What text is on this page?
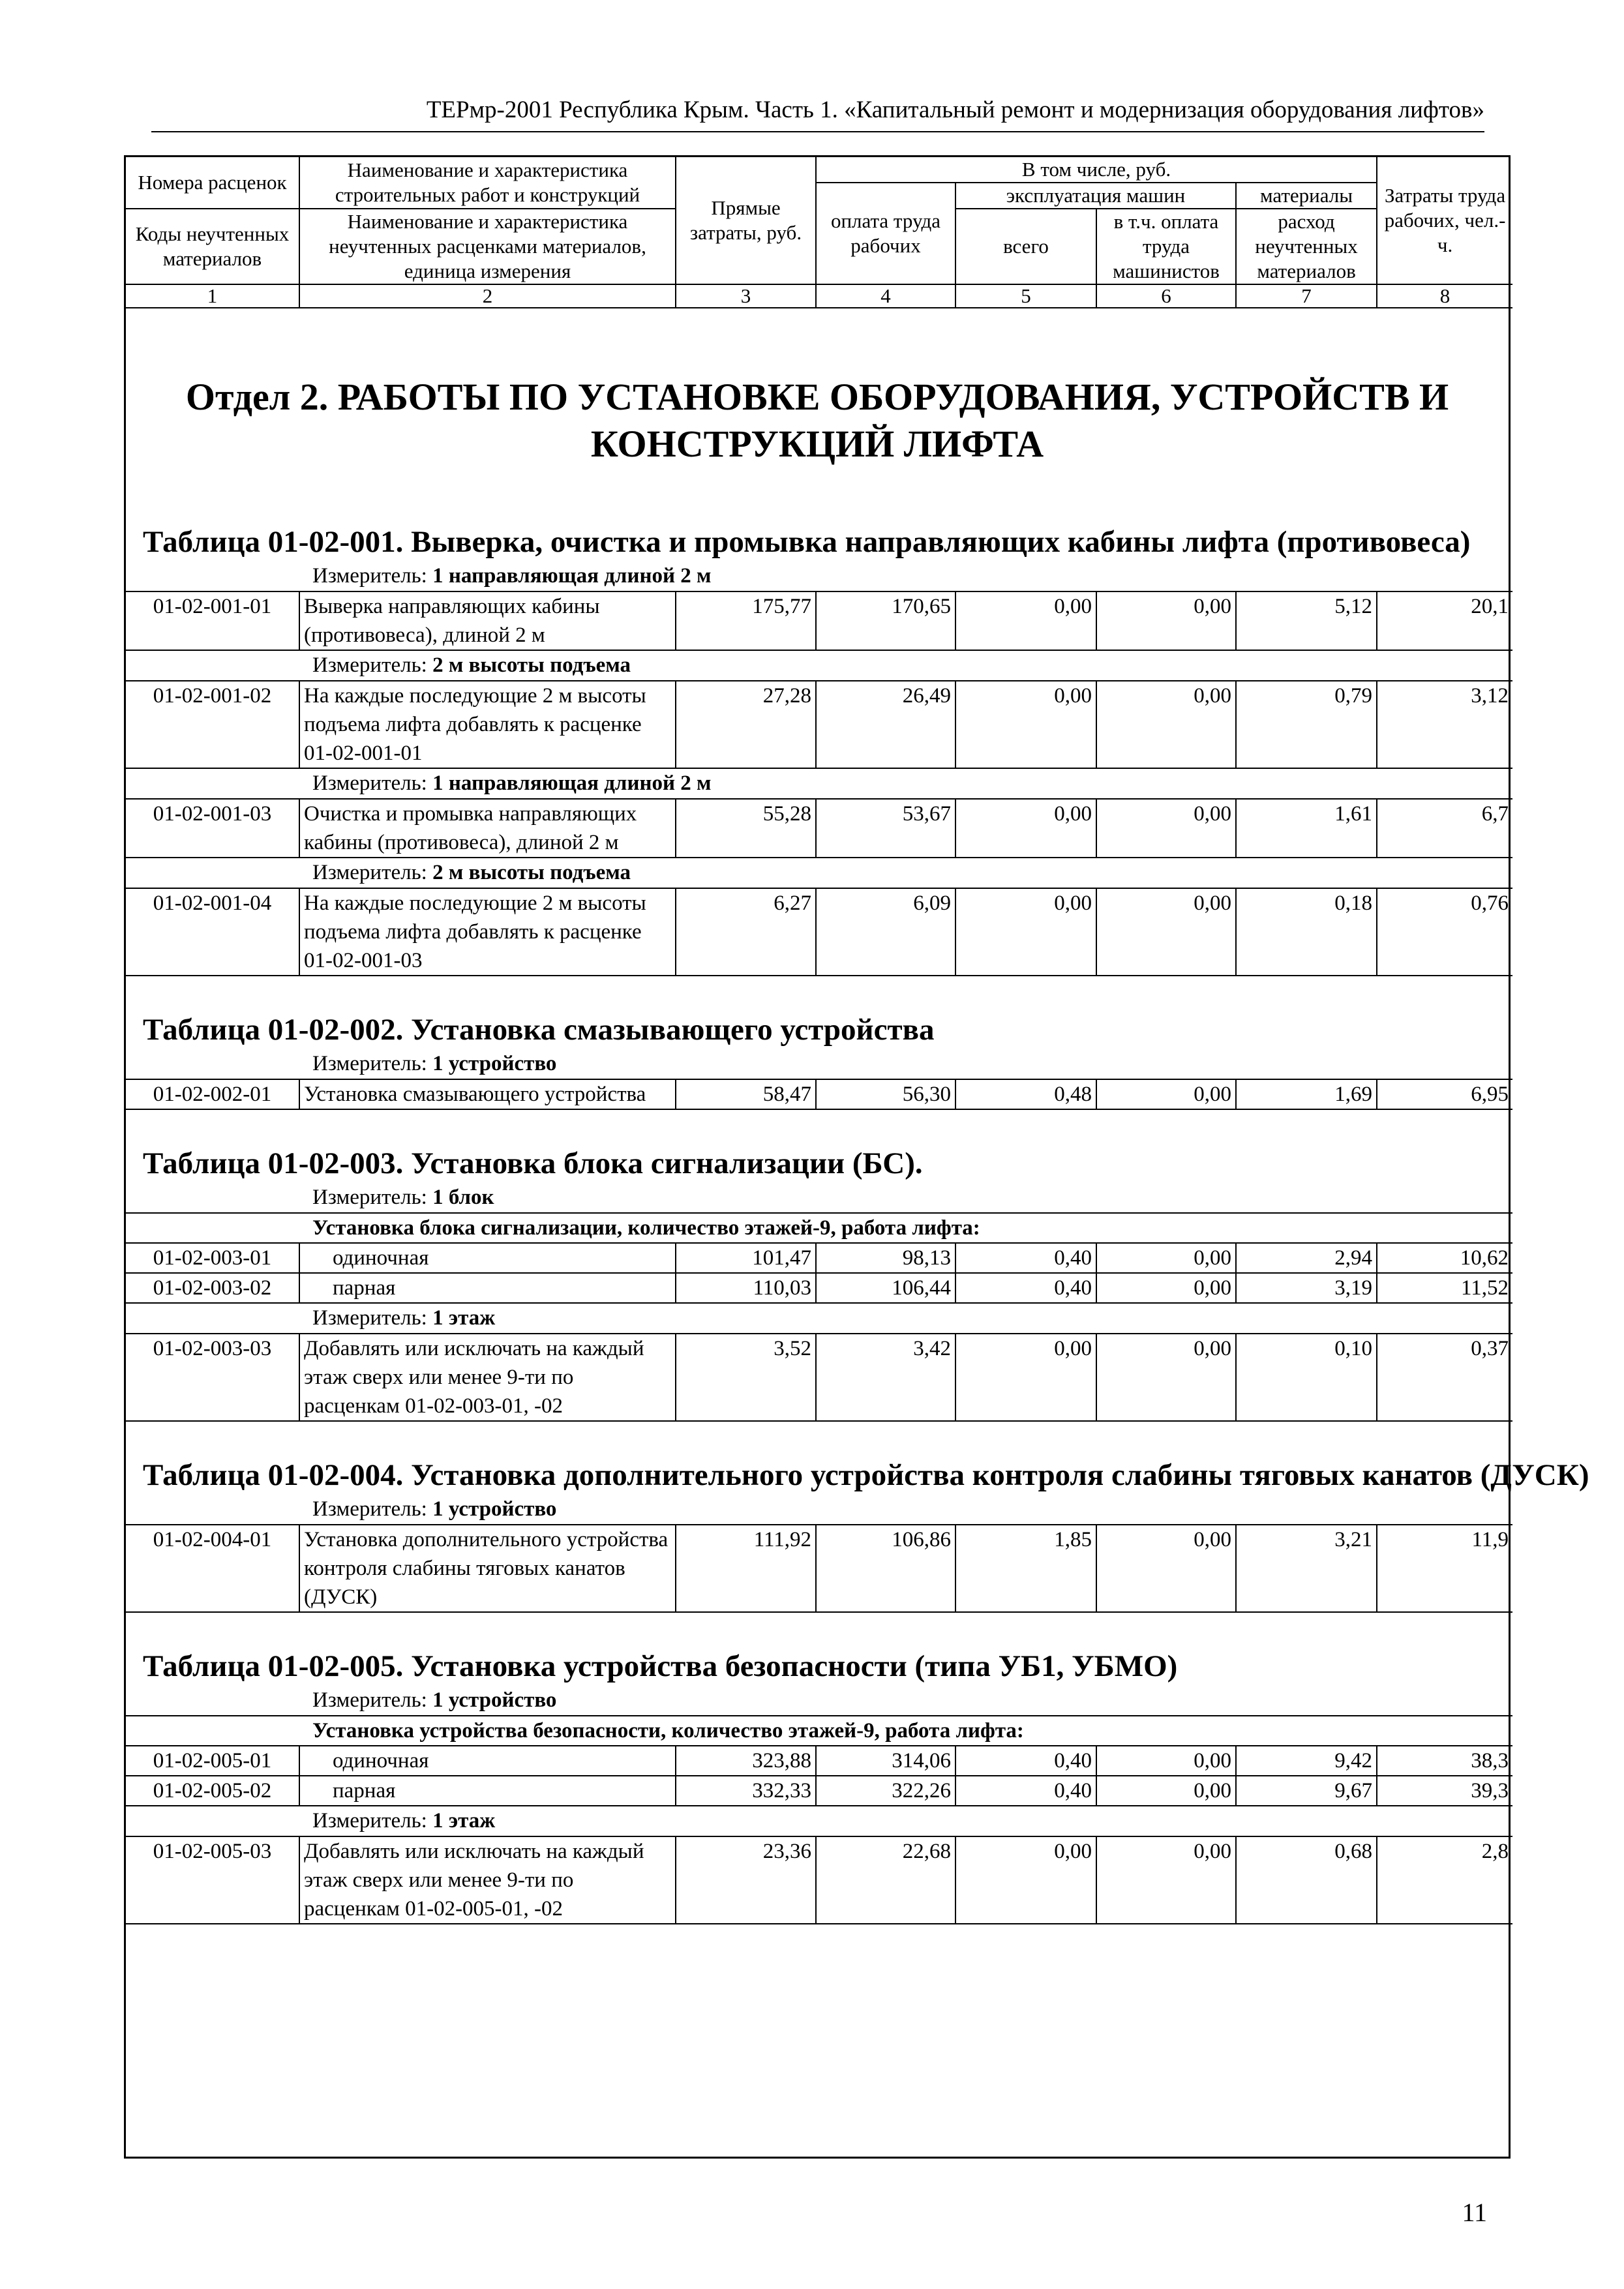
ТЕРмр-2001 Республика Крым. Часть 1. «Капитальный ремонт и модернизация оборудования лифтов»
Номера расценок	Наименование и характеристика строительных работ и конструкций	Прямые затраты, руб.	В том числе, руб.				Затраты труда рабочих, чел.-ч.
			оплата труда рабочих	эксплуатация машин		материалы	
Коды неучтенных материалов	Наименование и характеристика неучтенных расценками материалов, единица измерения			всего	в т.ч. оплата труда машинистов	расход неучтенных материалов	

1	2	3	4	5	6	7	8
Отдел 2. РАБОТЫ ПО УСТАНОВКЕ ОБОРУДОВАНИЯ, УСТРОЙСТВ И КОНСТРУКЦИЙ ЛИФТА
Таблица 01-02-001. Выверка, очистка и промывка направляющих кабины лифта (противовеса)
Измеритель: 1 направляющая длиной 2 м
01-02-001-01	Выверка направляющих кабины (противовеса), длиной 2 м	175,77	170,65	0,00	0,00	5,12	20,1
Измеритель: 2 м высоты подъема
01-02-001-02	На каждые последующие 2 м высоты подъема лифта добавлять к расценке 01-02-001-01	27,28	26,49	0,00	0,00	0,79	3,12
Измеритель: 1 направляющая длиной 2 м
01-02-001-03	Очистка и промывка направляющих кабины (противовеса), длиной 2 м	55,28	53,67	0,00	0,00	1,61	6,7
Измеритель: 2 м высоты подъема
01-02-001-04	На каждые последующие 2 м высоты подъема лифта добавлять к расценке 01-02-001-03	6,27	6,09	0,00	0,00	0,18	0,76
Таблица 01-02-002. Установка смазывающего устройства
Измеритель: 1 устройство
01-02-002-01	Установка смазывающего устройства	58,47	56,30	0,48	0,00	1,69	6,95
Таблица 01-02-003. Установка блока сигнализации (БС).
Измеритель: 1 блок
Установка блока сигнализации, количество этажей-9, работа лифта:							
01-02-003-01	одиночная	101,47	98,13	0,40	0,00	2,94	10,62
01-02-003-02	парная	110,03	106,44	0,40	0,00	3,19	11,52
Измеритель: 1 этаж
01-02-003-03	Добавлять или исключать на каждый этаж сверх или менее 9-ти по расценкам 01-02-003-01, -02	3,52	3,42	0,00	0,00	0,10	0,37
Таблица 01-02-004. Установка дополнительного устройства контроля слабины тяговых канатов (ДУСК)
Измеритель: 1 устройство
01-02-004-01	Установка дополнительного устройства контроля слабины тяговых канатов (ДУСК)	111,92	106,86	1,85	0,00	3,21	11,9
Таблица 01-02-005. Установка устройства безопасности (типа УБ1, УБМО)
Измеритель: 1 устройство
Установка устройства безопасности, количество этажей-9, работа лифта:							
01-02-005-01	одиночная	323,88	314,06	0,40	0,00	9,42	38,3
01-02-005-02	парная	332,33	322,26	0,40	0,00	9,67	39,3
Измеритель: 1 этаж
01-02-005-03	Добавлять или исключать на каждый этаж сверх или менее 9-ти по расценкам 01-02-005-01, -02	23,36	22,68	0,00	0,00	0,68	2,8
11
